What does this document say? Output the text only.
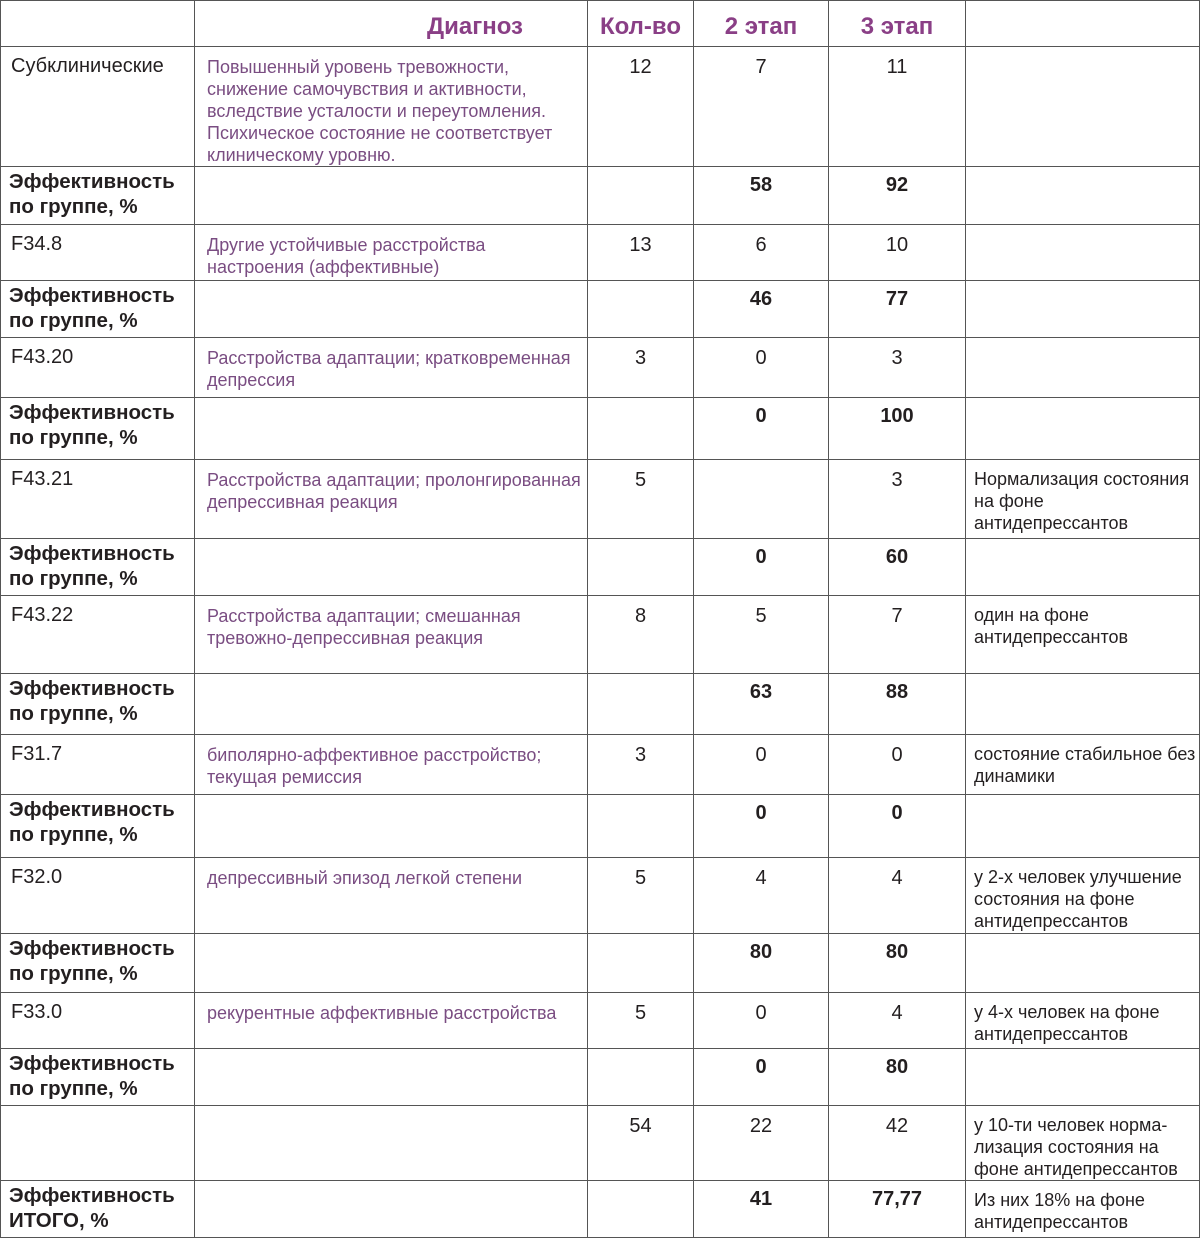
	Диагноз	Кол-во	2 этап	3 этап	
Субклинические	Повышенный уровень тревожности, снижение самочувствия и активности, вследствие усталости и переутомления. Психическое состояние не соответствует клиническому уровню.	12	7	11	
Эффективность по группе, %			58	92	
F34.8	Другие устойчивые расстройства настроения (аффективные)	13	6	10	
Эффективность по группе, %			46	77	
F43.20	Расстройства адаптации; кратковременная депрессия	3	0	3	
Эффективность по группе, %			0	100	
F43.21	Расстройства адаптации; пролонгированная депрессивная реакция	5		3	Нормализация состояния на фоне антидепрессантов
Эффективность по группе, %			0	60	
F43.22	Расстройства адаптации; смешанная тревожно-депрессивная реакция	8	5	7	один на фоне антидепрессантов
Эффективность по группе, %			63	88	
F31.7	биполярно-аффективное расстройство; текущая ремиссия	3	0	0	состояние стабильное без динамики
Эффективность по группе, %			0	0	
F32.0	депрессивный эпизод легкой степени	5	4	4	у 2-х человек улучшение состояния на фоне антидепрессантов
Эффективность по группе, %			80	80	
F33.0	рекурентные аффективные расстройства	5	0	4	у 4-х человек на фоне антидепрессантов
Эффективность по группе, %			0	80	
		54	22	42	у 10-ти человек норма- лизация состояния на фоне антидепрессантов
Эффективность ИТОГО, %			41	77,77	Из них 18% на фоне антидепрессантов
